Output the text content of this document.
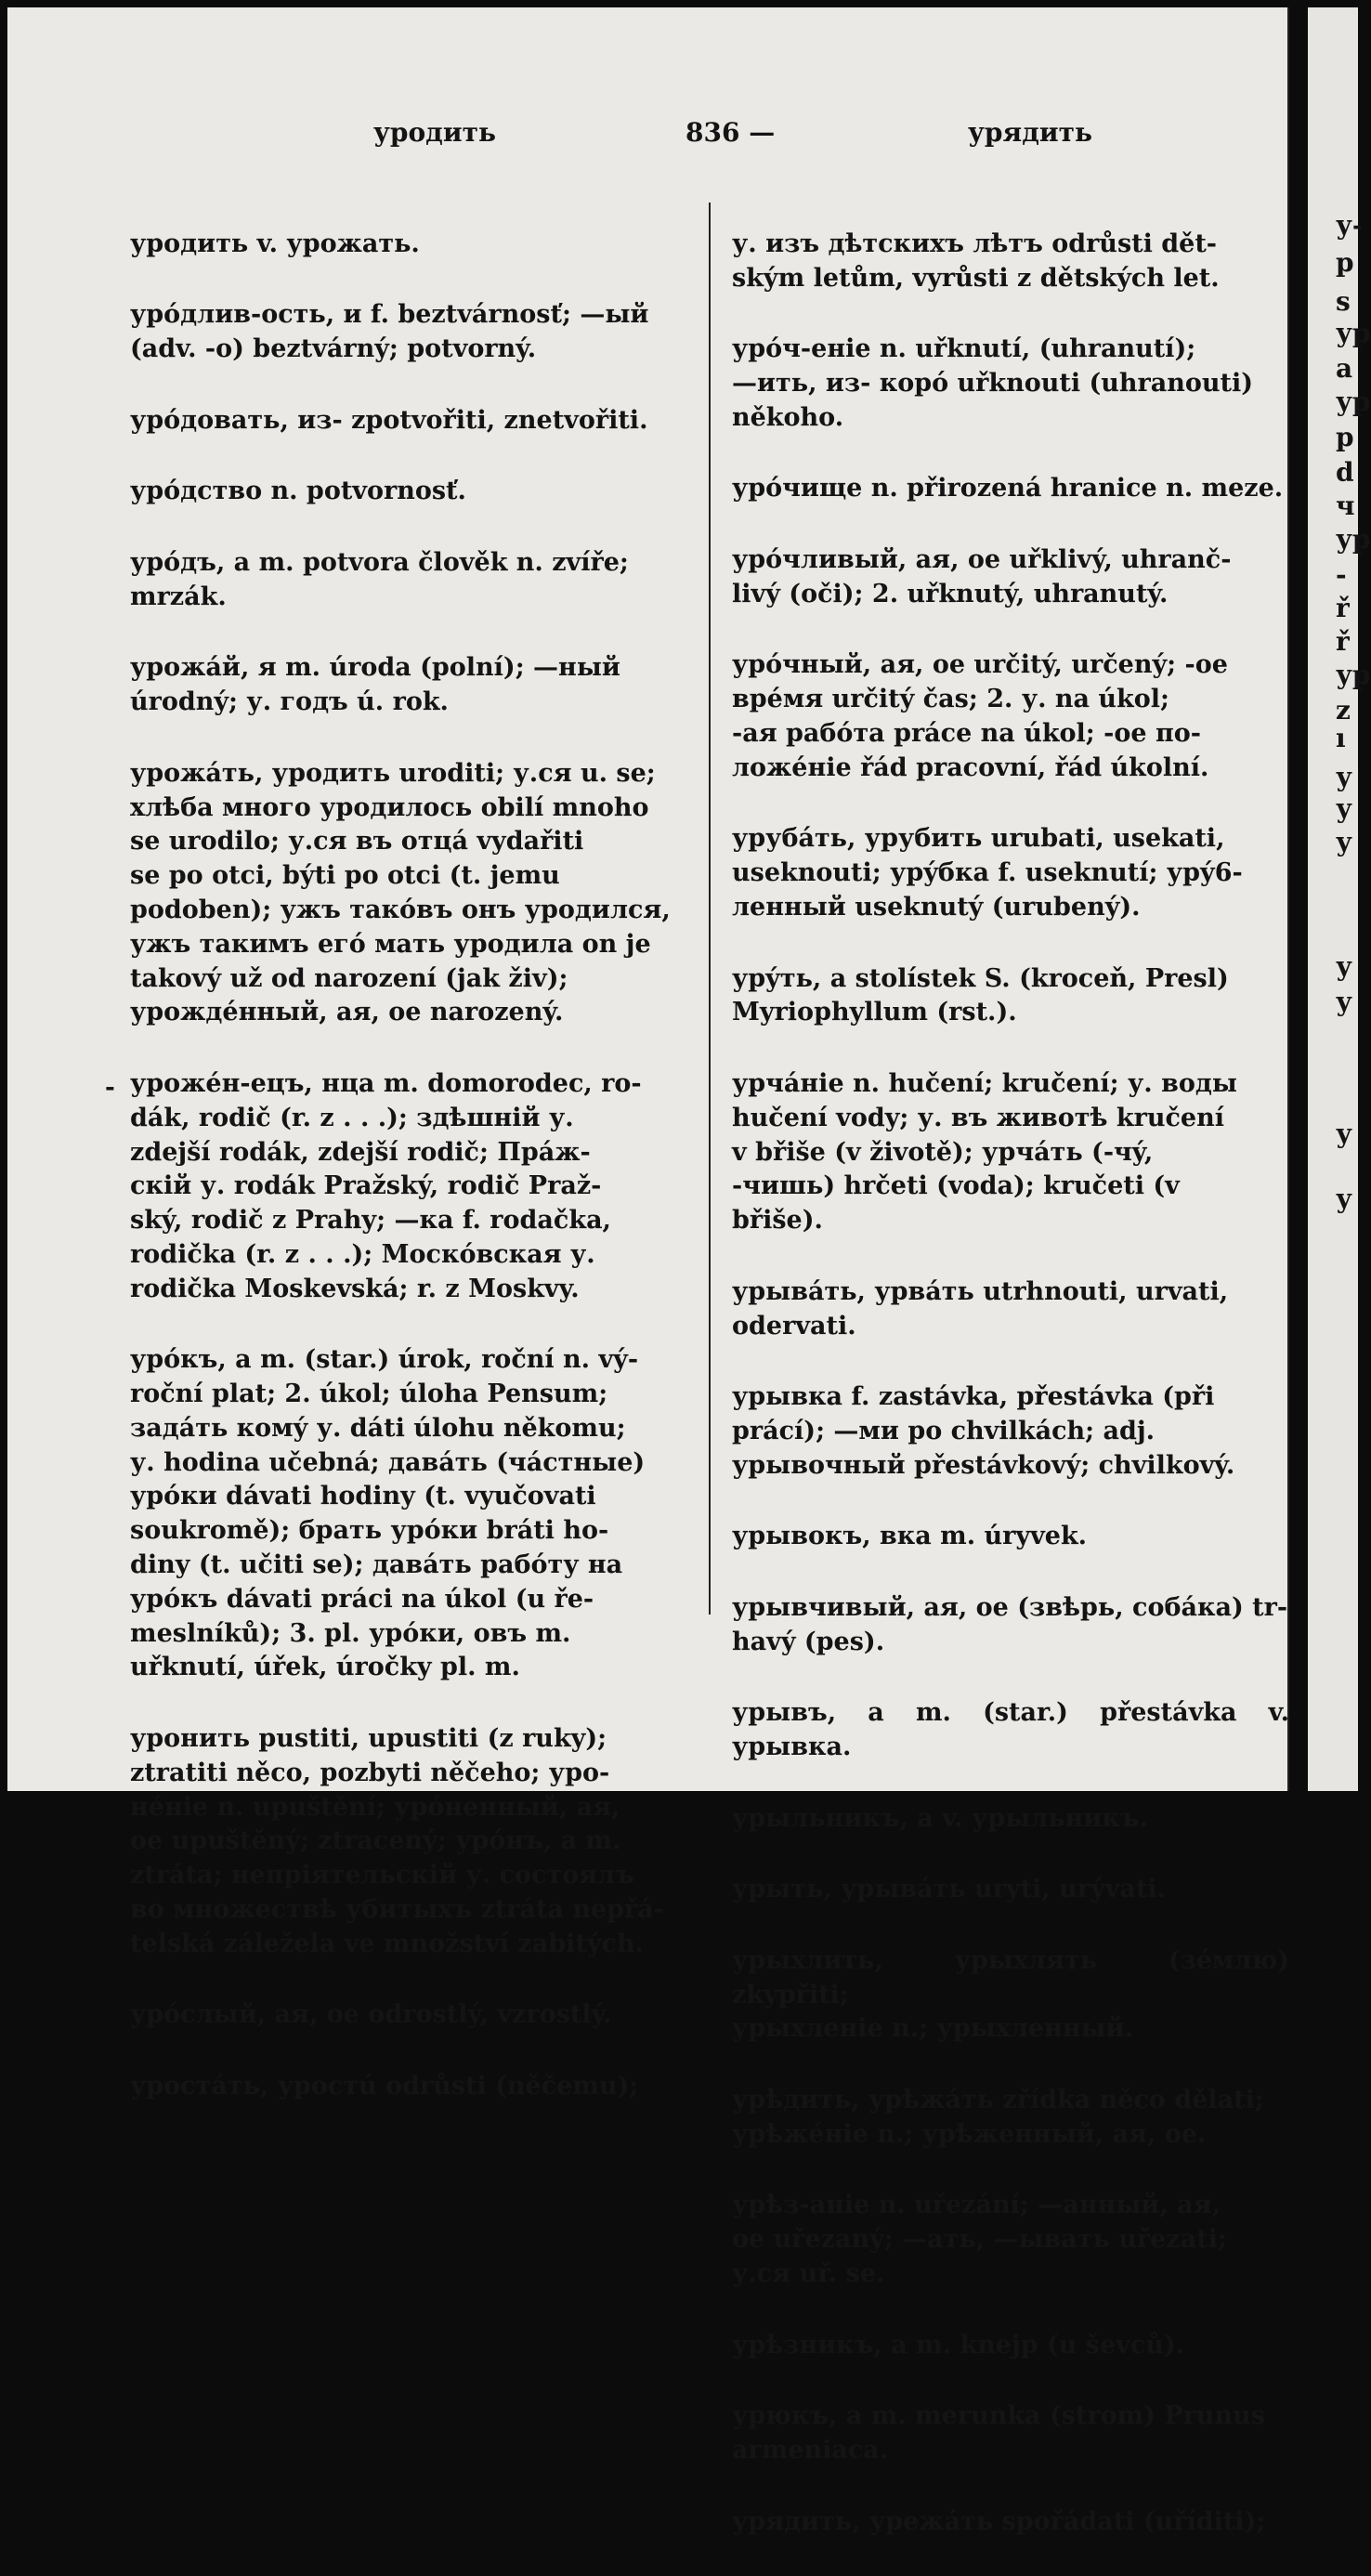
уродить	836 —	урядить

уродить v. урожать.

урóдлив-ость, и f. beztvárnosť; —ый
(adv. -o) beztvárný; potvorný.

урóдовать, из- zpotvořiti, znetvořiti.

урóдство n. potvornosť.

урóдъ, a m. potvora člověk n. zvíře;
mrzák.

урожáй, я m. úroda (polní); —ный
úrodný; у. годъ ú. rok.

урожáть, уродить uroditi; у.ся u. se;
хлѣба много уродилось obilí mnoho
se urodilo; у.ся въ отцá vydařiti
se po otci, býti po otci (t. jemu
podoben); ужъ такóвъ онъ уродился,
ужъ такимъ егó мать уродила on je
takový už od narození (jak živ);
урождéнный, ая, ое narozený.

урожéн-ецъ, нца m. domorodec, ro-
dák, rodič (r. z . . .); здѣшній у.
zdejší rodák, zdejší rodič; Прáж-
скій у. rodák Pražský, rodič Praž-
ský, rodič z Prahy; —ка f. rodačka,
rodička (r. z . . .); Москóвская у.
rodička Moskevská; r. z Moskvy.

урóкъ, a m. (star.) úrok, roční n. vý-
roční plat; 2. úkol; úloha Pensum;
задáть комý у. dáti úlohu někomu;
у. hodina učebná; давáть (чáстные)
урóки dávati hodiny (t. vyučovati
soukromě); брать урóки bráti ho-
diny (t. učiti se); давáть рабóту на
урóкъ dávati práci na úkol (u ře-
meslníků); 3. pl. урóки, овъ m.
uřknutí, úřek, úročky pl. m.

уронить pustiti, upustiti (z ruky);
ztratiti něco, pozbyti něčeho; уро-
нéніе n. upuštění; урóненный, ая,
oe upuštěný; ztracený; урóнъ, a m.
ztráta; непріятельскій у. состоялъ
во множествѣ убитыхъ ztráta nepřá-
telská záležela ve množství zabitých.

урóслый, ая, ое odrostlý, vzrostlý.

уростáть, уростú odrůsti (něčemu);

-

у. изъ дѣтскихъ лѣтъ odrůsti dět-
ským letům, vyrůsti z dětských let.

урóч-еніе n. uřknutí, (uhranutí);
—ить, из- коро́ uřknouti (uhranouti)
někoho.

урóчище n. přirozená hranice n. meze.

урóчливый, ая, ое uřklivý, uhranč-
livý (oči); 2. uřknutý, uhranutý.

урóчный, ая, ое určitý, určený; -oe
врéмя určitý čas; 2. у. na úkol;
-ая рабóта práce na úkol; -oe по-
ложéніе řád pracovní, řád úkolní.

урубáть, урубить urubati, usekati,
useknouti; урýбка f. useknutí; урý6-
ленный useknutý (urubený).

урýть, a stolístek S. (kroceň, Presl)
Myriophyllum (rst.).

урчáніе n. hučení; kručení; у. воды
hučení vody; у. въ животѣ kručení
v břiše (v životě); урчáть (-чý,
-чишь) hrčeti (voda); kručeti (v
břiše).

урывáть, урвáть utrhnouti, urvati,
odervati.

урывка f. zastávka, přestávka (při
prácí); —ми po chvilkách; adj.
урывочный přestávkový; chvilkový.

урывокъ, вка m. úryvek.

урывчивый, ая, ое (звѣрь, собáка) tr-
havý (pes).

урывъ, a m. (star.) přestávka v. урывка.

урыльникъ, a v. урыльникъ.

урыть, урывáть uryti, urývati.

урыхлить, урыхлять (зéмлю) zkypřiti;
урыхленіе n.; урыхленный.

урѣдить, урѣжáть zřídka něco dělati;
урѣжéніе n.; урѣженный, ая, ое.

урѣз-аніе n. uřezání; —анный, ая,
ое uřezaný; —ать, —ывать uřezati;
у.ся uř. se.

урѣзникъ, a m. knejp (u ševců).

урюкъ, a m. merunka (strom) Prunus
armeniaca.

урядить, урежáть spořádati (uříditi);

у-
р
s
ур
a
ур
р
d
ч
ур
-
ř
ř
ур
z
ı
у
у
у
у
у
у
у
